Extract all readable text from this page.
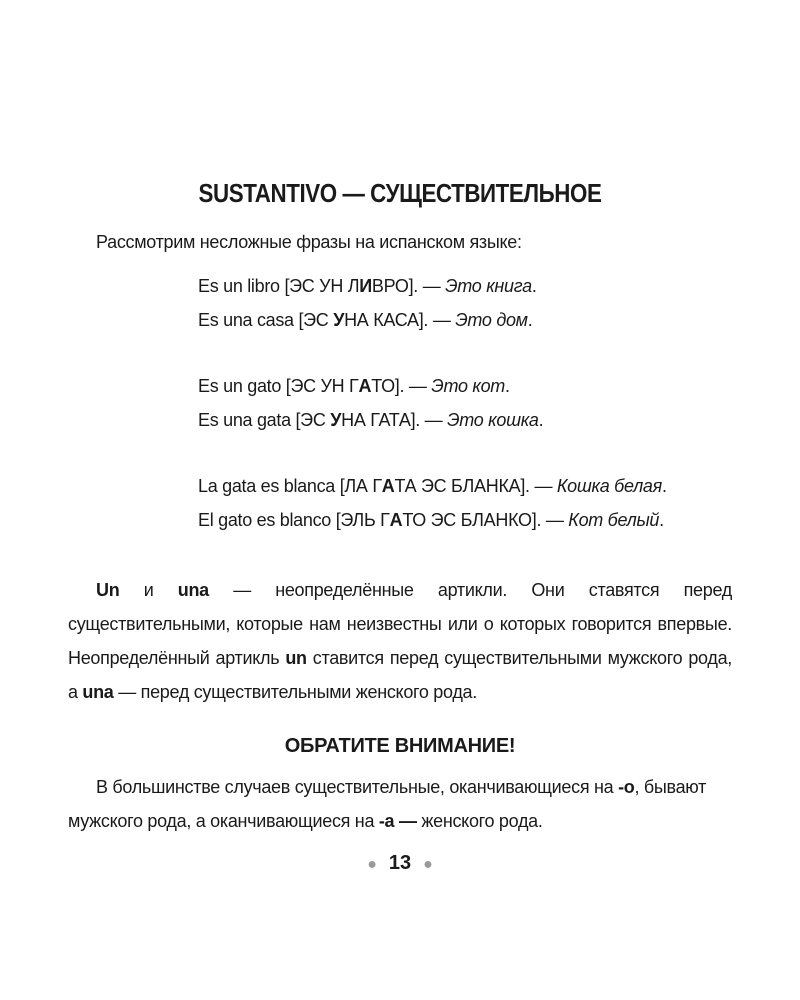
SUSTANTIVO — СУЩЕСТВИТЕЛЬНОЕ
Рассмотрим несложные фразы на испанском языке:
Es un libro [ЭС УН ЛИВРО]. — Это книга.
Es una casa [ЭС УНА КАСА]. — Это дом.
Es un gato [ЭС УН ГАТО]. — Это кот.
Es una gata [ЭС УНА ГАТА]. — Это кошка.
La gata es blanca [ЛА ГАТА ЭС БЛАНКА]. — Кошка белая.
El gato es blanco [ЭЛЬ ГАТО ЭС БЛАНКО]. — Кот белый.
Un и una — неопределённые артикли. Они ставятся перед существительными, которые нам неизвестны или о которых говорится впервые. Неопределённый артикль un ставится перед существительными мужского рода, а una — перед существительными женского рода.
ОБРАТИТЕ ВНИМАНИЕ!
В большинстве случаев существительные, оканчивающиеся на -o, бывают мужского рода, а оканчивающиеся на -a — женского рода.
● 13 ●
